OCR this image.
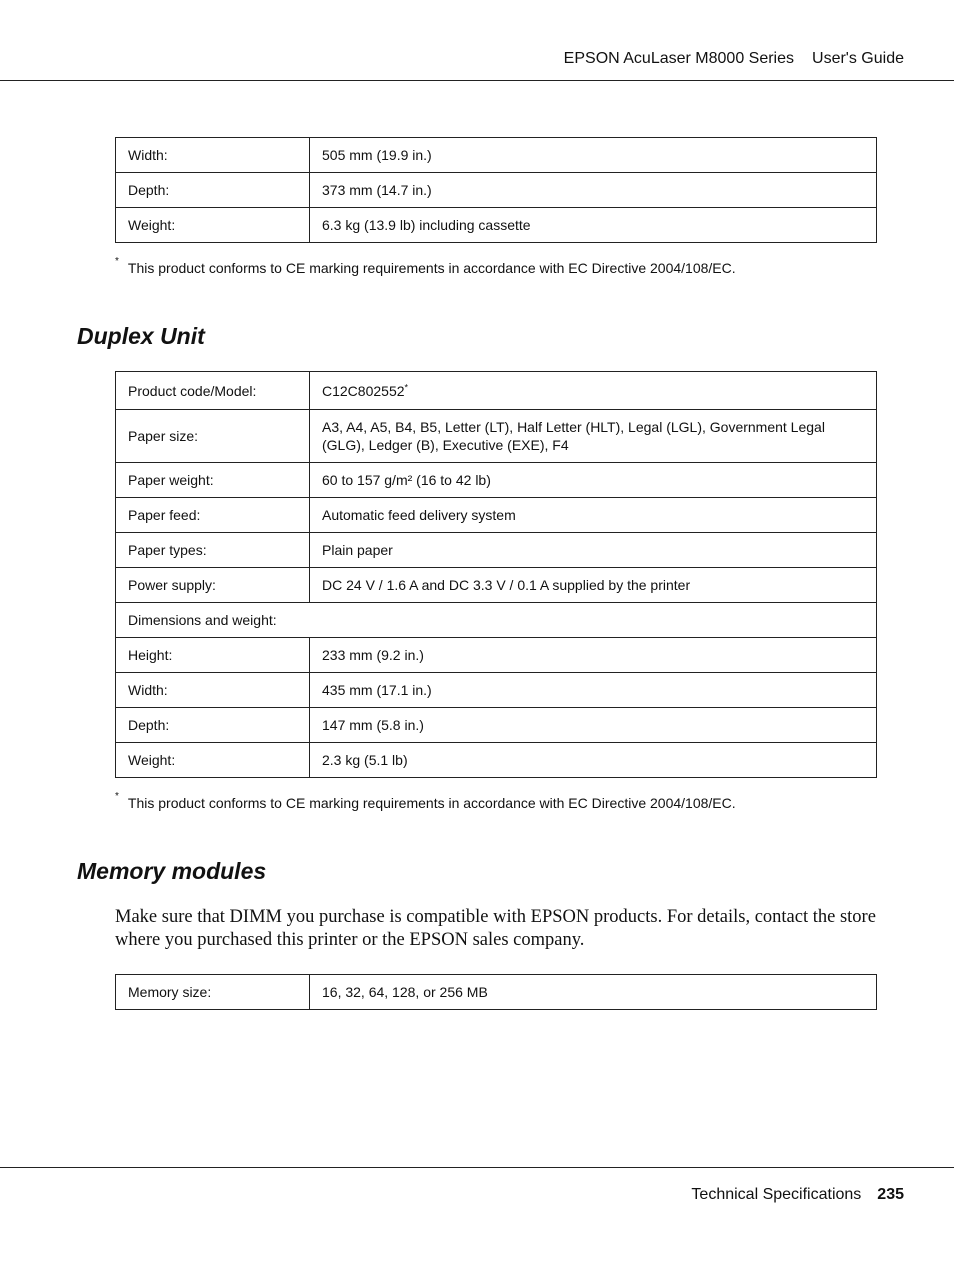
EPSON AcuLaser M8000 Series User's Guide
Width:	505 mm (19.9 in.)
Depth:	373 mm (14.7 in.)
Weight:	6.3 kg (13.9 lb) including cassette
* This product conforms to CE marking requirements in accordance with EC Directive 2004/108/EC.
Duplex Unit
Product code/Model:	C12C802552*
Paper size:	A3, A4, A5, B4, B5, Letter (LT), Half Letter (HLT), Legal (LGL), Government Legal (GLG), Ledger (B), Executive (EXE), F4
Paper weight:	60 to 157 g/m² (16 to 42 lb)
Paper feed:	Automatic feed delivery system
Paper types:	Plain paper
Power supply:	DC 24 V / 1.6 A and DC 3.3 V / 0.1 A supplied by the printer
Dimensions and weight:	
Height:	233 mm (9.2 in.)
Width:	435 mm (17.1 in.)
Depth:	147 mm (5.8 in.)
Weight:	2.3 kg (5.1 lb)
* This product conforms to CE marking requirements in accordance with EC Directive 2004/108/EC.
Memory modules

Make sure that DIMM you purchase is compatible with EPSON products. For details, contact the store where you purchased this printer or the EPSON sales company.

Memory size:	16, 32, 64, 128, or 256 MB
Technical Specifications 235
